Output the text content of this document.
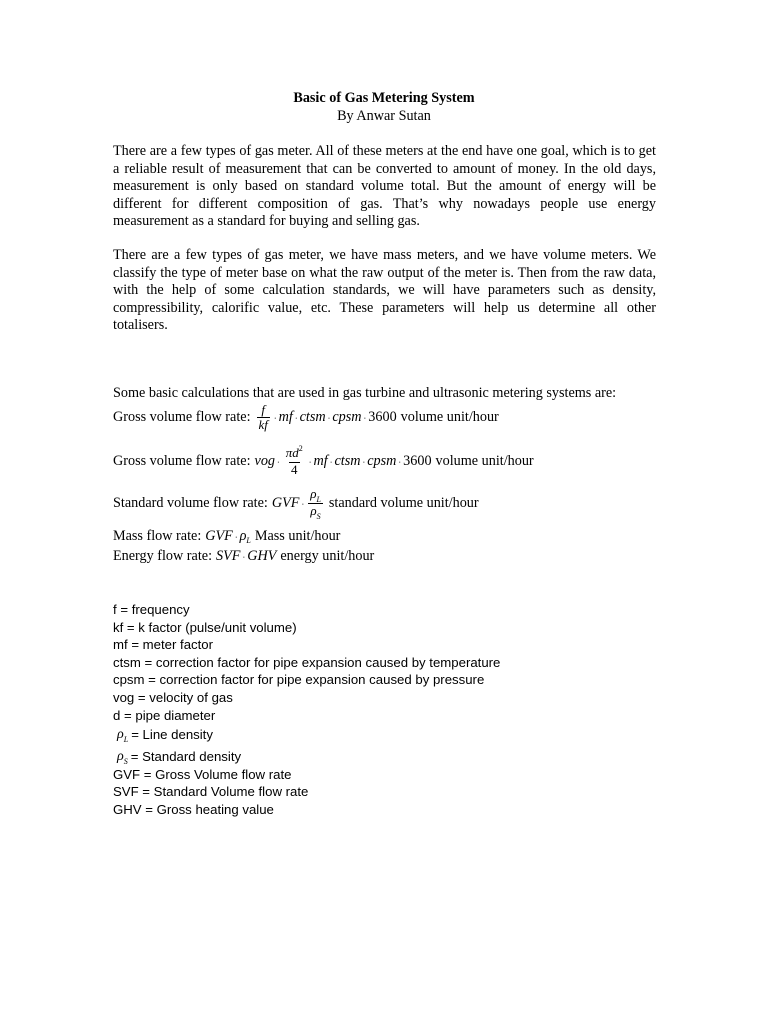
Basic of Gas Metering System
By Anwar Sutan

There are a few types of gas meter. All of these meters at the end have one goal, which is to get a reliable result of measurement that can be converted to amount of money. In the old days, measurement is only based on standard volume total. But the amount of energy will be different for different composition of gas. That’s why nowadays people use energy measurement as a standard for buying and selling gas.

There are a few types of gas meter, we have mass meters, and we have volume meters. We classify the type of meter base on what the raw output of the meter is. Then from the raw data, with the help of some calculation standards, we will have parameters such as density, compressibility, calorific value, etc. These parameters will help us determine all other totalisers.

Some basic calculations that are used in gas turbine and ultrasonic metering systems are:
Gross volume flow rate: $\frac{f}{kf}$ ⋅ mf ⋅ ctsm ⋅ cpsm ⋅ 3600 volume unit/hour
Gross volume flow rate: vog ⋅ $\frac{\pi d^2}{4}$ ⋅ mf ⋅ ctsm ⋅ cpsm ⋅ 3600 volume unit/hour
Standard volume flow rate: GVF ⋅ $\frac{\rho_L}{\rho_S}$ standard volume unit/hour
Mass flow rate: GVF ⋅ ρ L Mass unit/hour
Energy flow rate: SVF ⋅ GHV energy unit/hour
f = frequency
kf = k factor (pulse/unit volume)
mf = meter factor
ctsm = correction factor for pipe expansion caused by temperature
cpsm = correction factor for pipe expansion caused by pressure
vog = velocity of gas
d = pipe diameter
$\rho_L$ = Line density
$\rho_S$ = Standard density
GVF = Gross Volume flow rate
SVF = Standard Volume flow rate
GHV = Gross heating value
